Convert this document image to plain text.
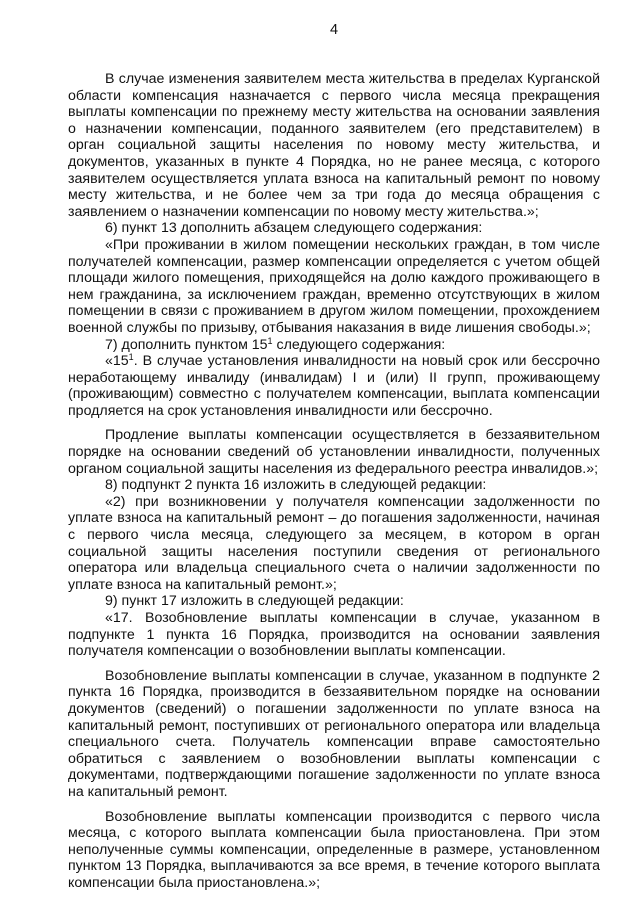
4

В случае изменения заявителем места жительства в пределах Курганской области компенсация назначается с первого числа месяца прекращения выплаты компенсации по прежнему месту жительства на основании заявления о назначении компенсации, поданного заявителем (его представителем) в орган социальной защиты населения по новому месту жительства, и документов, указанных в пункте 4 Порядка, но не ранее месяца, с которого заявителем осуществляется уплата взноса на капитальный ремонт по новому месту жительства, и не более чем за три года до месяца обращения с заявлением о назначении компенсации по новому месту жительства.»;

6) пункт 13 дополнить абзацем следующего содержания:

«При проживании в жилом помещении нескольких граждан, в том числе получателей компенсации, размер компенсации определяется с учетом общей площади жилого помещения, приходящейся на долю каждого проживающего в нем гражданина, за исключением граждан, временно отсутствующих в жилом помещении в связи с проживанием в другом жилом помещении, прохождением военной службы по призыву, отбывания наказания в виде лишения свободы.»;

7) дополнить пунктом $15^1$ следующего содержания:

«$15^1$. В случае установления инвалидности на новый срок или бессрочно неработающему инвалиду (инвалидам) I и (или) II групп, проживающему (проживающим) совместно с получателем компенсации, выплата компенсации продляется на срок установления инвалидности или бессрочно.

Продление выплаты компенсации осуществляется в беззаявительном порядке на основании сведений об установлении инвалидности, полученных органом социальной защиты населения из федерального реестра инвалидов.»;

8) подпункт 2 пункта 16 изложить в следующей редакции:

«2) при возникновении у получателя компенсации задолженности по уплате взноса на капитальный ремонт – до погашения задолженности, начиная с первого числа месяца, следующего за месяцем, в котором в орган социальной защиты населения поступили сведения от регионального оператора или владельца специального счета о наличии задолженности по уплате взноса на капитальный ремонт.»;

9) пункт 17 изложить в следующей редакции:

«17. Возобновление выплаты компенсации в случае, указанном в подпункте 1 пункта 16 Порядка, производится на основании заявления получателя компенсации о возобновлении выплаты компенсации.

Возобновление выплаты компенсации в случае, указанном в подпункте 2 пункта 16 Порядка, производится в беззаявительном порядке на основании документов (сведений) о погашении задолженности по уплате взноса на капитальный ремонт, поступивших от регионального оператора или владельца специального счета. Получатель компенсации вправе самостоятельно обратиться с заявлением о возобновлении выплаты компенсации с документами, подтверждающими погашение задолженности по уплате взноса на капитальный ремонт.

Возобновление выплаты компенсации производится с первого числа месяца, с которого выплата компенсации была приостановлена. При этом неполученные суммы компенсации, определенные в размере, установленном пунктом 13 Порядка, выплачиваются за все время, в течение которого выплата компенсации была приостановлена.»;
